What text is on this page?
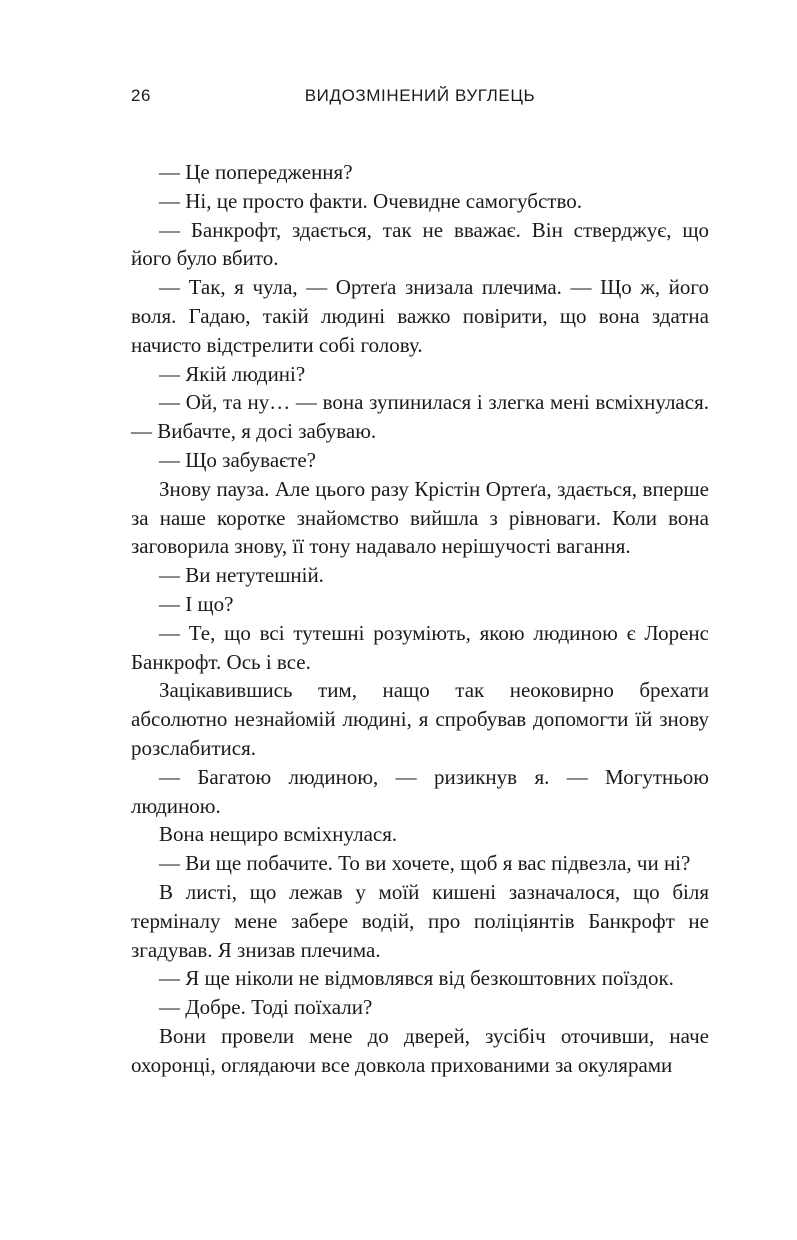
26	ВИДОЗМІНЕНИЙ ВУГЛЕЦЬ

— Це попередження?

— Ні, це просто факти. Очевидне самогубство.

— Банкрофт, здається, так не вважає. Він стверджує, що його було вбито.

— Так, я чула, — Ортеґа знизала плечима. — Що ж, його воля. Гадаю, такій людині важко повірити, що вона здатна начисто відстрелити собі голову.

— Якій людині?

— Ой, та ну… — вона зупинилася і злегка мені всміхнулася. — Вибачте, я досі забуваю.

— Що забуваєте?

Знову пауза. Але цього разу Крістін Ортеґа, здається, вперше за наше коротке знайомство вийшла з рівноваги. Коли вона заговорила знову, її тону надавало нерішучості вагання.

— Ви нетутешній.

— І що?

— Те, що всі тутешні розуміють, якою людиною є Лоренс Банкрофт. Ось і все.

Зацікавившись тим, нащо так неоковирно брехати абсолютно незнайомій людині, я спробував допомогти їй знову розслабитися.

— Багатою людиною, — ризикнув я. — Могутньою людиною.

Вона нещиро всміхнулася.

— Ви ще побачите. То ви хочете, щоб я вас підвезла, чи ні?

В листі, що лежав у моїй кишені зазначалося, що біля терміналу мене забере водій, про поліціянтів Банкрофт не згадував. Я знизав плечима.

— Я ще ніколи не відмовлявся від безкоштовних поїздок.

— Добре. Тоді поїхали?

Вони провели мене до дверей, зусібіч оточивши, наче охоронці, оглядаючи все довкола прихованими за окулярами
